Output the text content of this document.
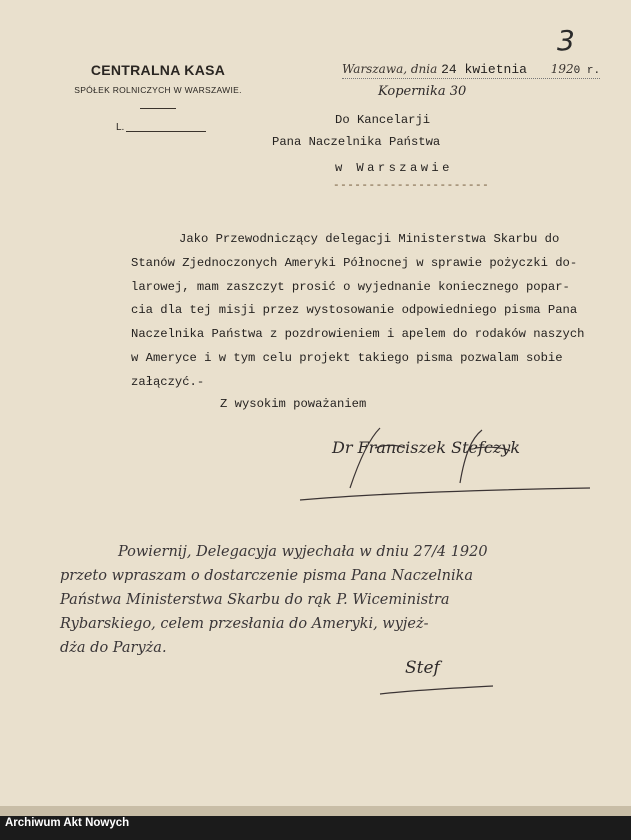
3
CENTRALNA KASA
SPÓŁEK ROLNICZYCH W WARSZAWIE.
L.
Warszawa, dnia 24 kwietnia 1920 r.
Kopernika 30
Do Kancelarji
Pana Naczelnika Państwa
w Warszawie
----------------------
Jako Przewodniczący delegacji Ministerstwa Skarbu do
Stanów Zjednoczonych Ameryki Północnej w sprawie pożyczki do-
larowej, mam zaszczyt prosić o wyjednanie koniecznego popar-
cia dla tej misji przez wystosowanie odpowiedniego pisma Pana
Naczelnika Państwa z pozdrowieniem i apelem do rodaków naszych
w Ameryce i w tym celu projekt takiego pisma pozwalam sobie
załączyć.-
Z wysokim poważaniem
Dr Franciszek Stefczyk
Powiernij, Delegacyja wyjechała w dniu 27/4 1920
przeto wpraszam o dostarczenie pisma Pana Naczelnika
Państwa Ministerstwa Skarbu do rąk P. Wiceministra
Rybarskiego, celem przesłania do Ameryki, wyjeż-
dża do Paryża.
Stef
Archiwum Akt Nowych
